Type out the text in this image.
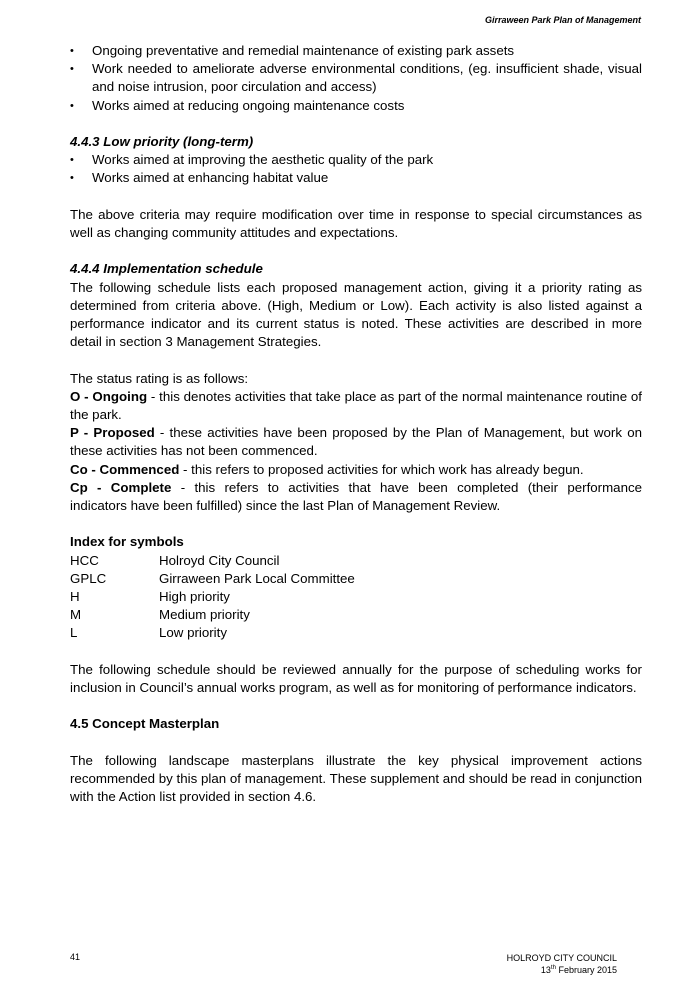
Girraween Park Plan of Management
• Ongoing preventative and remedial maintenance of existing park assets
• Work needed to ameliorate adverse environmental conditions, (eg. insufficient shade, visual and noise intrusion, poor circulation and access)
• Works aimed at reducing ongoing maintenance costs

4.4.3 Low priority (long-term)

• Works aimed at improving the aesthetic quality of the park
• Works aimed at enhancing habitat value

The above criteria may require modification over time in response to special circumstances as well as changing community attitudes and expectations.

4.4.4 Implementation schedule

The following schedule lists each proposed management action, giving it a priority rating as determined from criteria above. (High, Medium or Low). Each activity is also listed against a performance indicator and its current status is noted. These activities are described in more detail in section 3 Management Strategies.

The status rating is as follows:

O - Ongoing - this denotes activities that take place as part of the normal maintenance routine of the park.

P - Proposed - these activities have been proposed by the Plan of Management, but work on these activities has not been commenced.

Co - Commenced - this refers to proposed activities for which work has already begun.

Cp  -  Complete  -  this  refers  to  activities  that  have  been  completed  (their  performance indicators have been fulfilled) since the last Plan of Management Review.

Index for symbols

HCC	Holroyd City Council
GPLC	Girraween Park Local Committee
H	High priority
M	Medium priority
L	Low priority

The following schedule should be reviewed annually for the purpose of scheduling works for inclusion in Council’s annual works program, as well as for monitoring of performance indicators.

4.5 Concept Masterplan

The following landscape masterplans illustrate the key physical improvement actions recommended by this plan of management. These supplement and should be read in conjunction with the Action list provided in section 4.6.

41	HOLROYD CITY COUNCIL
13th February 2015
